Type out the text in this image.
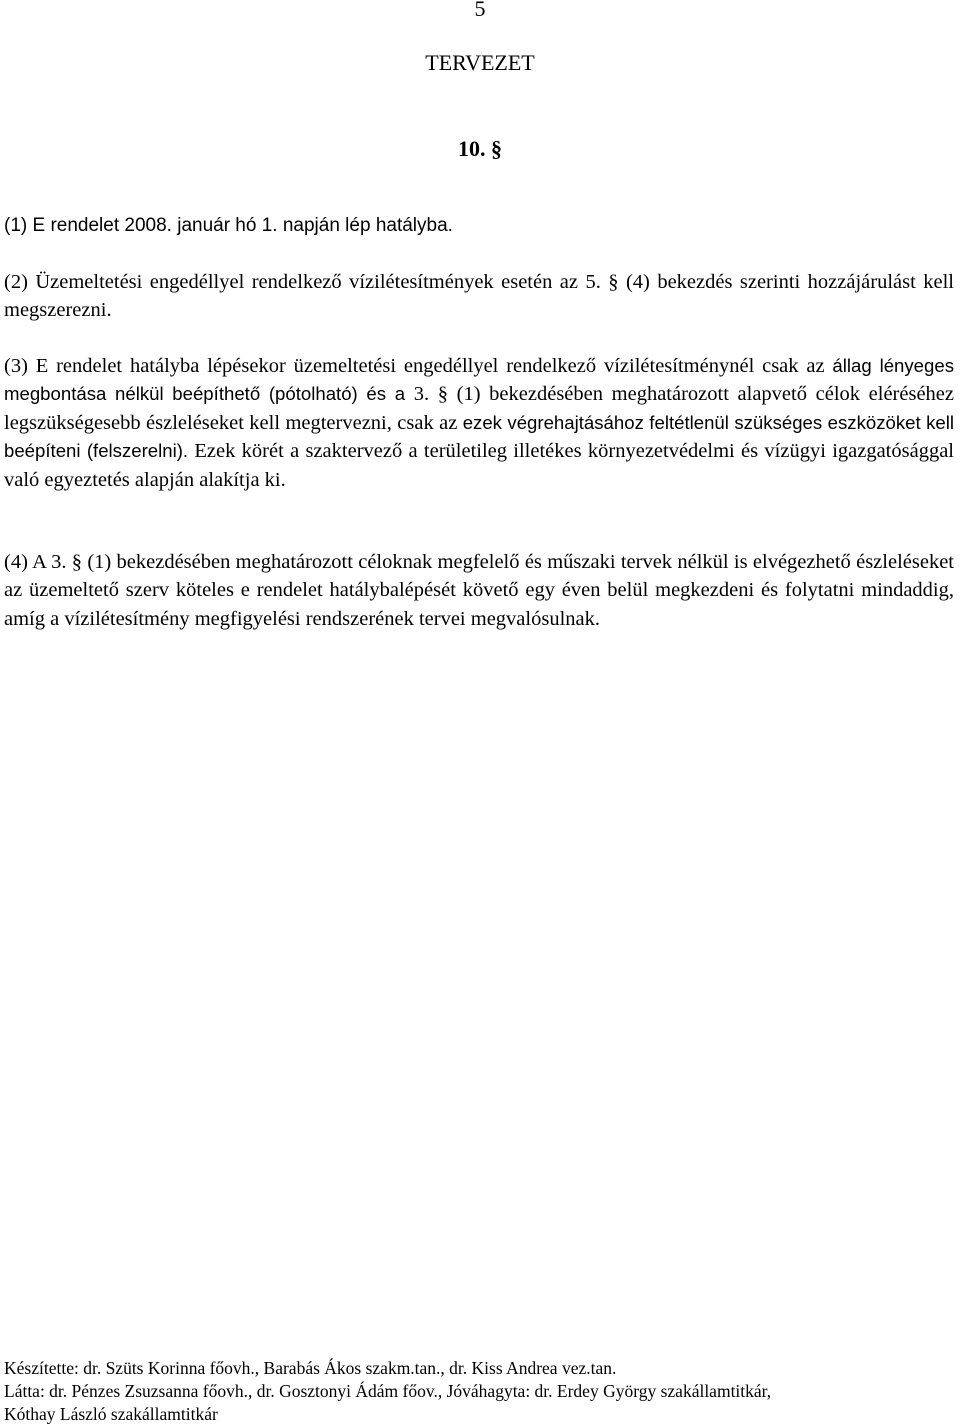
5
TERVEZET
10. §

(1) E rendelet 2008. január hó 1. napján lép hatályba.

(2) Üzemeltetési engedéllyel rendelkező vízilétesítmények esetén az 5. § (4) bekezdés szerinti hozzájárulást kell megszerezni.

(3) E rendelet hatályba lépésekor üzemeltetési engedéllyel rendelkező vízilétesítménynél csak az állag lényeges megbontása nélkül beépíthető (pótolható) és a 3. § (1) bekezdésében meghatározott alapvető célok eléréséhez legszükségesebb észleléseket kell megtervezni, csak az ezek végrehajtásához feltétlenül szükséges eszközöket kell beépíteni (felszerelni). Ezek körét a szaktervező a területileg illetékes környezetvédelmi és vízügyi igazgatósággal való egyeztetés alapján alakítja ki.

(4) A 3. § (1) bekezdésében meghatározott céloknak megfelelő és műszaki tervek nélkül is elvégezhető észleléseket az üzemeltető szerv köteles e rendelet hatálybalépését követő egy éven belül megkezdeni és folytatni mindaddig, amíg a vízilétesítmény megfigyelési rendszerének tervei megvalósulnak.

Készítette: dr. Szüts Korinna főovh., Barabás Ákos szakm.tan., dr. Kiss Andrea vez.tan.
Látta: dr. Pénzes Zsuzsanna főovh., dr. Gosztonyi Ádám főov., Jóváhagyta: dr. Erdey György szakállamtitkár,
Kóthay László szakállamtitkár
